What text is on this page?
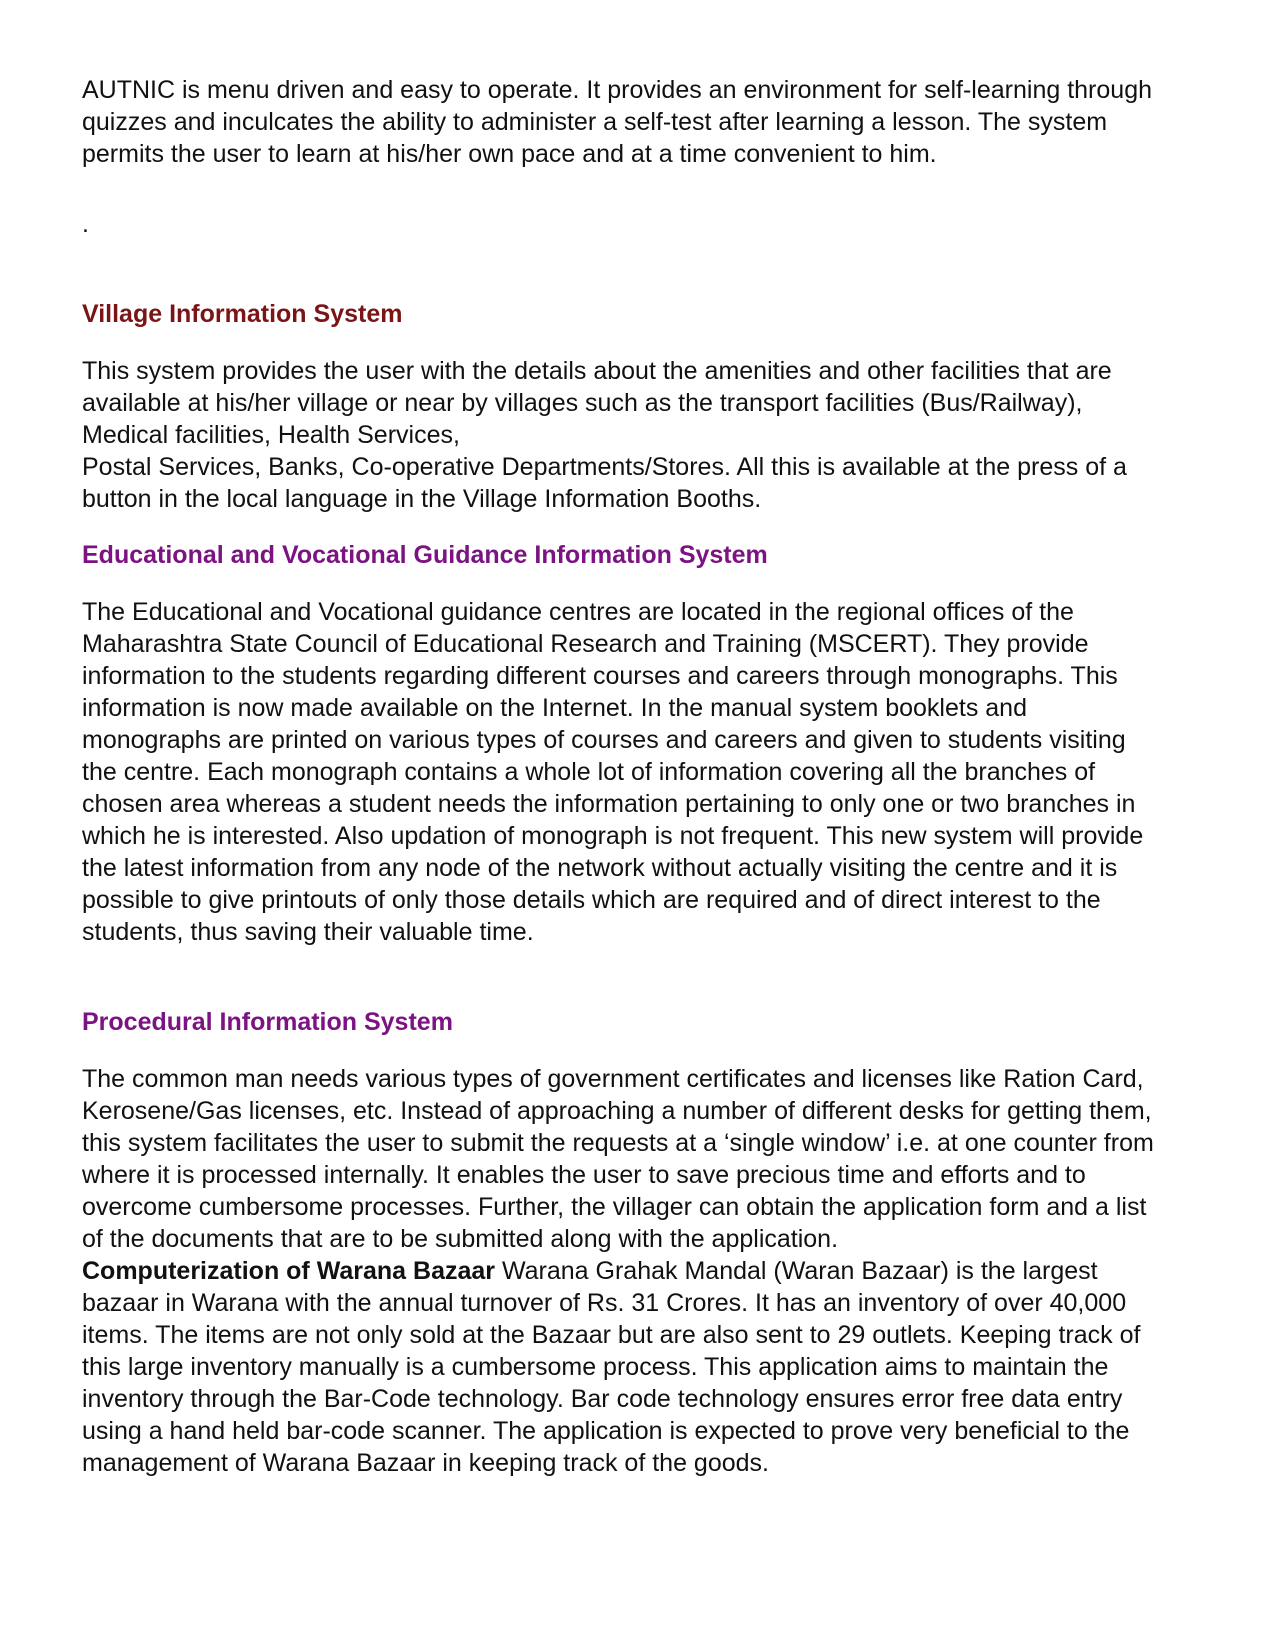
AUTNIC is menu driven and easy to operate. It provides an environment for self-learning through
quizzes and inculcates the ability to administer a self-test after learning a lesson. The system
permits the user to learn at his/her own pace and at a time convenient to him.

.

Village Information System

This system provides the user with the details about the amenities and other facilities that are
available at his/her village or near by villages such as the transport facilities (Bus/Railway),
Medical facilities, Health Services,
Postal Services, Banks, Co-operative Departments/Stores. All this is available at the press of a
button in the local language in the Village Information Booths.

Educational and Vocational Guidance Information System

The Educational and Vocational guidance centres are located in the regional offices of the
Maharashtra State Council of Educational Research and Training (MSCERT). They provide
information to the students regarding different courses and careers through monographs. This
information is now made available on the Internet. In the manual system booklets and
monographs are printed on various types of courses and careers and given to students visiting
the centre. Each monograph contains a whole lot of information covering all the branches of
chosen area whereas a student needs the information pertaining to only one or two branches in
which he is interested. Also updation of monograph is not frequent. This new system will provide
the latest information from any node of the network without actually visiting the centre and it is
possible to give printouts of only those details which are required and of direct interest to the
students, thus saving their valuable time.

Procedural Information System

The common man needs various types of government certificates and licenses like Ration Card,
Kerosene/Gas licenses, etc. Instead of approaching a number of different desks for getting them,
this system facilitates the user to submit the requests at a ‘single window’ i.e. at one counter from
where it is processed internally. It enables the user to save precious time and efforts and to
overcome cumbersome processes. Further, the villager can obtain the application form and a list
of the documents that are to be submitted along with the application.

Computerization of Warana Bazaar Warana Grahak Mandal (Waran Bazaar) is the largest
bazaar in Warana with the annual turnover of Rs. 31 Crores. It has an inventory of over 40,000
items. The items are not only sold at the Bazaar but are also sent to 29 outlets. Keeping track of
this large inventory manually is a cumbersome process. This application aims to maintain the
inventory through the Bar-Code technology. Bar code technology ensures error free data entry
using a hand held bar-code scanner. The application is expected to prove very beneficial to the
management of Warana Bazaar in keeping track of the goods.
